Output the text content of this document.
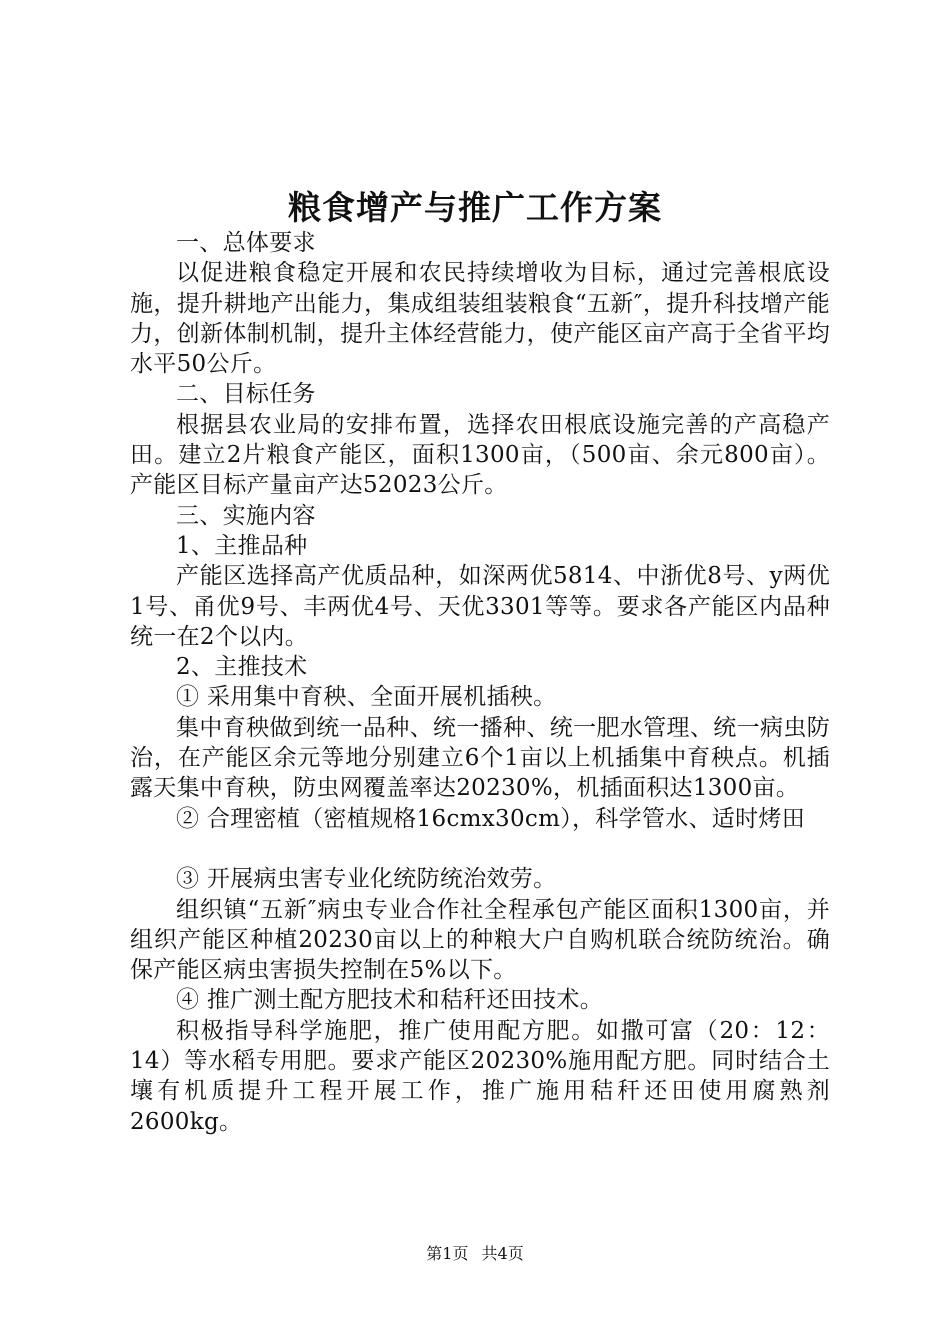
粮食增产与推广工作方案

一、总体要求

以促进粮食稳定开展和农民持续增收为目标，通过完善根底设施，提升耕地产出能力，集成组装组装粮食“五新″，提升科技增产能力，创新体制机制，提升主体经营能力，使产能区亩产高于全省平均水平50公斤。

二、目标任务

根据县农业局的安排布置，选择农田根底设施完善的产高稳产田。建立2片粮食产能区，面积1300亩，（500亩、余元800亩）。产能区目标产量亩产达52023公斤。

三、实施内容

1、主推品种

产能区选择高产优质品种，如深两优5814、中浙优8号、y两优1号、甬优9号、丰两优4号、天优3301等等。要求各产能区内品种统一在2个以内。

2、主推技术

① 采用集中育秧、全面开展机插秧。

集中育秧做到统一品种、统一播种、统一肥水管理、统一病虫防治，在产能区余元等地分别建立6个1亩以上机插集中育秧点。机插露天集中育秧，防虫网覆盖率达20230%，机插面积达1300亩。

② 合理密植（密植规格16cmx30cm），科学管水、适时烤田

③ 开展病虫害专业化统防统治效劳。

组织镇“五新″病虫专业合作社全程承包产能区面积1300亩，并组织产能区种植20230亩以上的种粮大户自购机联合统防统治。确保产能区病虫害损失控制在5%以下。

④ 推广测土配方肥技术和秸秆还田技术。

积极指导科学施肥，推广使用配方肥。如撒可富（20：12：14）等水稻专用肥。要求产能区20230%施用配方肥。同时结合土壤有机质提升工程开展工作，推广施用秸秆还田使用腐熟剂2600kg。

第1页 共4页
